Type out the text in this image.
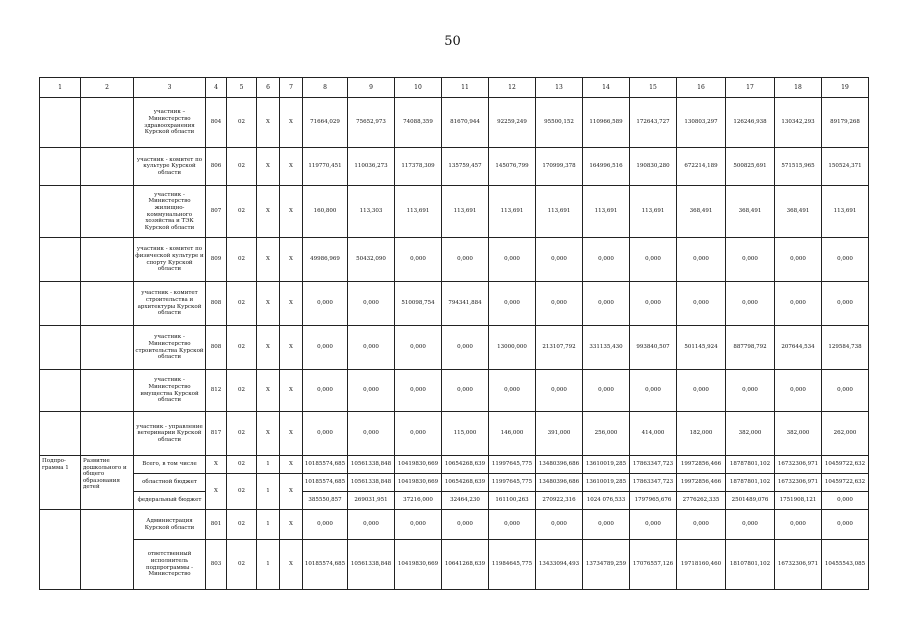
50
1	2	3	4	5	6	7	8	9	10	11	12	13	14	15	16	17	18	19
		участник – Министерство здравоохранения Курской области	804	02	Х	Х	71664,029	75652,973	74088,359	81670,944	92259,249	95500,152	110966,589	172643,727	130803,297	126246,938	130342,293	89179,268
		участник - комитет по культуре Курской области	806	02	Х	Х	119770,451	110036,273	117378,309	135759,457	145076,799	170999,378	164996,516	190830,280	672214,189	500825,691	571515,965	150524,371
		участник - Министерство жилищно-коммунального хозяйства и ТЭК Курской области	807	02	Х	Х	160,800	113,303	113,691	113,691	113,691	113,691	113,691	113,691	368,491	368,491	368,491	113,691
		участник - комитет по физической культуре и спорту Курской области	809	02	Х	Х	49986,969	50432,090	0,000	0,000	0,000	0,000	0,000	0,000	0,000	0,000	0,000	0,000
		участник - комитет строительства и архитектуры Курской области	808	02	Х	Х	0,000	0,000	510098,754	794341,884	0,000	0,000	0,000	0,000	0,000	0,000	0,000	0,000
		участник - Министерство строительства Курской области	808	02	Х	Х	0,000	0,000	0,000	0,000	13000,000	213107,792	331135,430	993840,507	501145,924	887798,792	207644,534	129584,738
		участник - Министерство имущества Курской области	812	02	Х	Х	0,000	0,000	0,000	0,000	0,000	0,000	0,000	0,000	0,000	0,000	0,000	0,000
		участник - управление ветеринарии Курской области	817	02	Х	Х	0,000	0,000	0,000	115,000	146,000	391,000	256,000	414,000	182,000	382,000	382,000	262,000
Подпро-грамма 1	Развитие дошкольного и общего образования детей	Всего, в том числе	Х	02	1	Х	10185574,685	10561338,848	10419830,669	10654268,639	11997645,775	13480396,686	13610019,285	17863347,723	19972856,466	18787801,102	16732306,971	10459722,632
		областной бюджет	Х	02	1	Х	10185574,685	10561338,848	10419830,669	10654268,639	11997645,775	13480396,686	13610019,285	17863347,723	19972856,466	18787801,102	16732306,971	10459722,632
		федеральный бюджет					385550,857	269031,951	37216,000	32464,230	161100,263	270922,316	1024 076,533	1797965,676	2776262,335	2501489,076	1751908,121	0,000
		Администрация Курской области	801	02	1	Х	0,000	0,000	0,000	0,000	0,000	0,000	0,000	0,000	0,000	0,000	0,000	0,000
		ответственный исполнитель подпрограммы - Министерство	803	02	1	Х	10185574,685	10561338,848	10419830,669	10641268,639	11984645,775	13433094,493	13734789,259	17076557,126	19718160,460	18107801,102	16732306,971	10455543,085
